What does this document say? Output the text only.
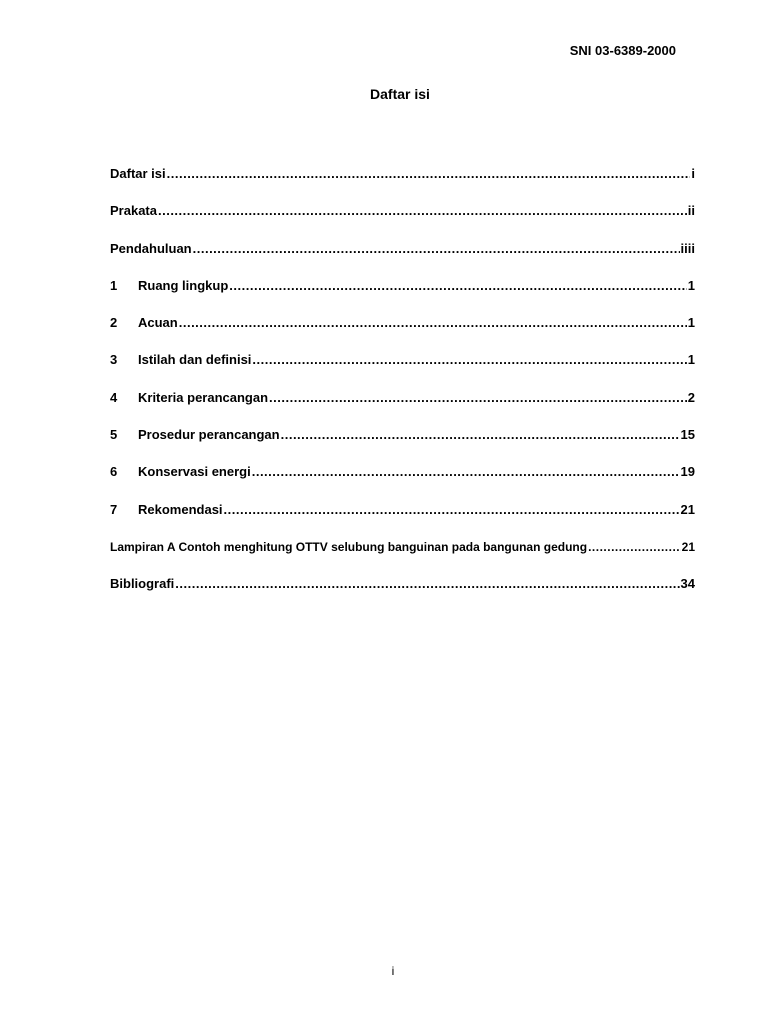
SNI 03-6389-2000
Daftar isi
Daftar isi .....	i
Prakata .....	ii
Pendahuluan .....	iiii
1	Ruang lingkup .....	1
2	Acuan .....	1
3	Istilah dan definisi .....	1
4	Kriteria perancangan .....	2
5	Prosedur perancangan .....	15
6	Konservasi energi .....	19
7	Rekomendasi .....	21
Lampiran A Contoh menghitung OTTV selubung banguinan pada bangunan gedung .....	21
Bibliografi .....	34
i
